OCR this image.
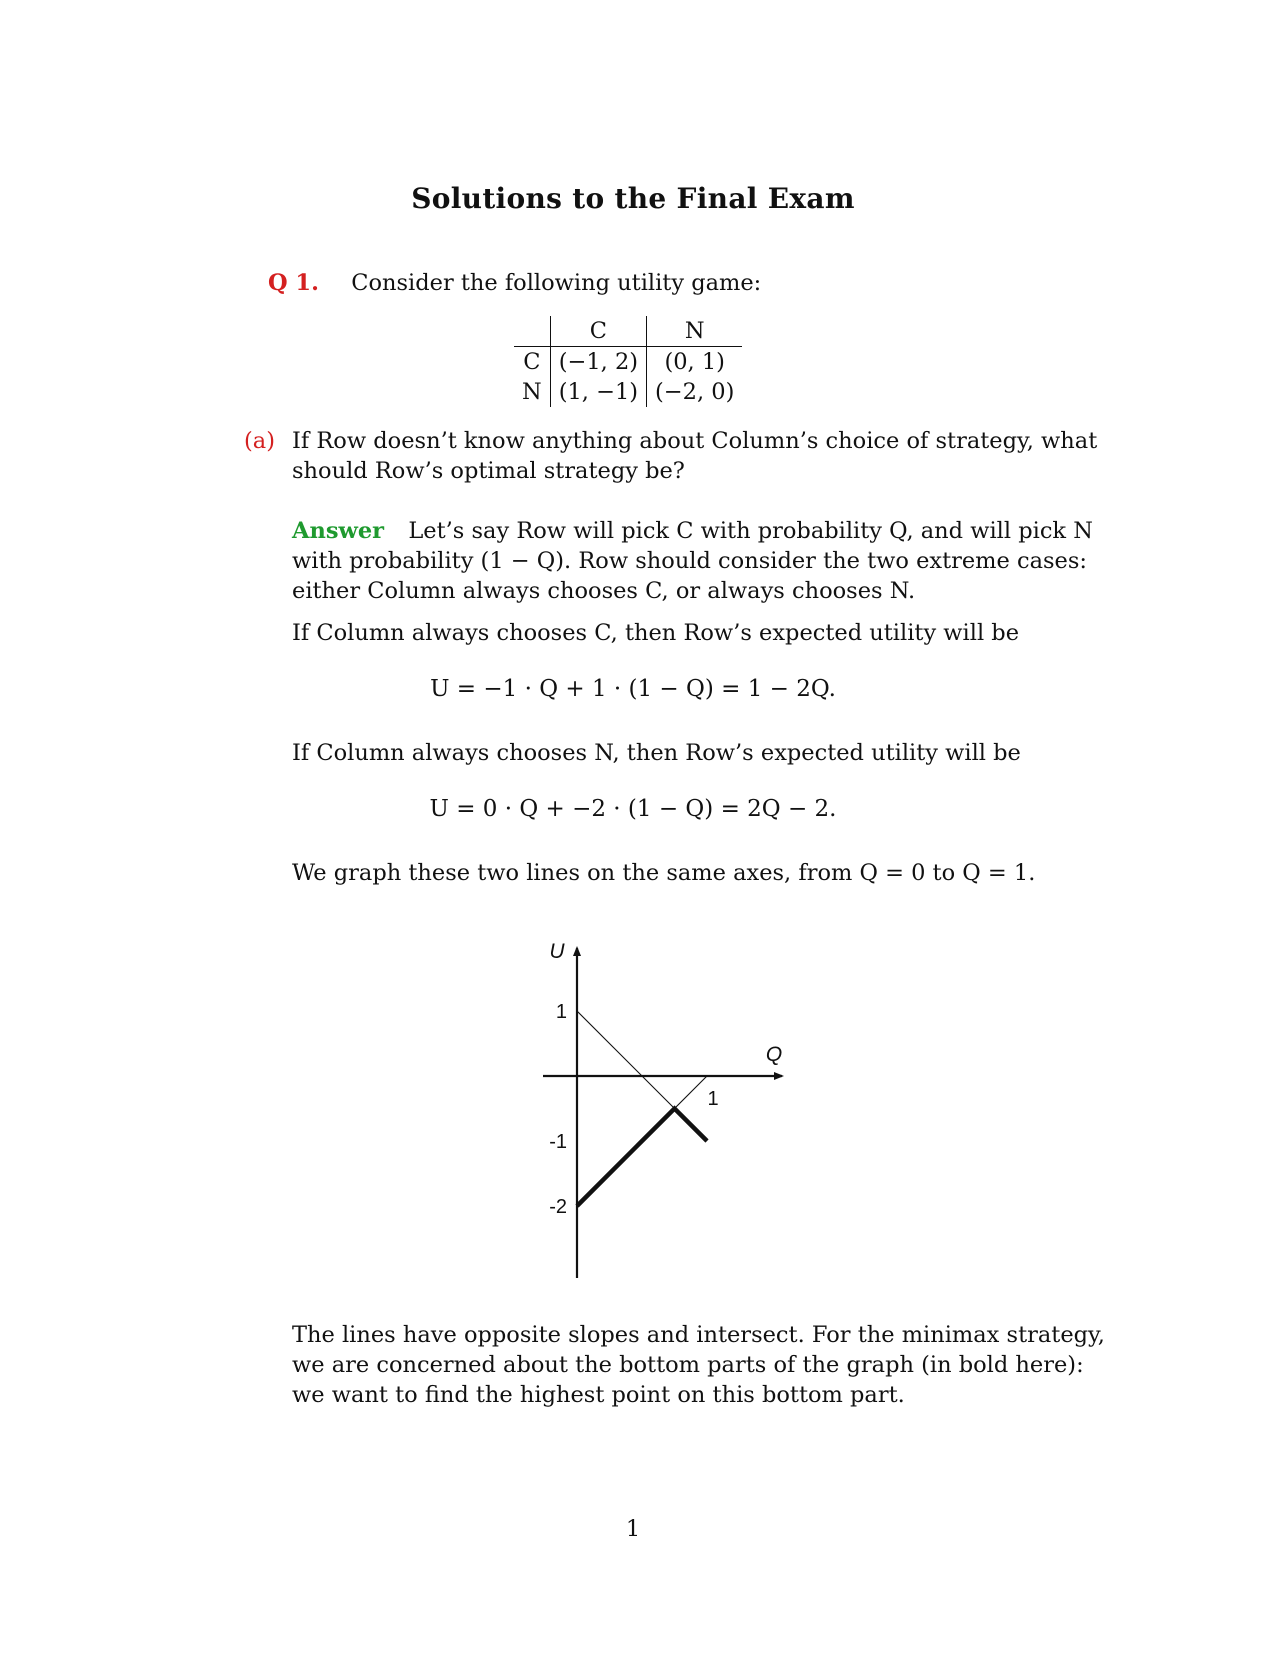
Solutions to the Final Exam
Q 1. Consider the following utility game:
	C	N
C	(−1, 2)	(0, 1)
N	(1, −1)	(−2, 0)
(a) If Row doesn’t know anything about Column’s choice of strategy, what
should Row’s optimal strategy be?
Answer Let’s say Row will pick C with probability Q, and will pick N
with probability (1 − Q). Row should consider the two extreme cases:
either Column always chooses C, or always chooses N.
If Column always chooses C, then Row’s expected utility will be
U = −1 · Q + 1 · (1 − Q) = 1 − 2Q.
If Column always chooses N, then Row’s expected utility will be
U = 0 · Q + −2 · (1 − Q) = 2Q − 2.
We graph these two lines on the same axes, from Q = 0 to Q = 1.
U
Q
1
-1
-2
1
The lines have opposite slopes and intersect. For the minimax strategy,
we are concerned about the bottom parts of the graph (in bold here):
we want to find the highest point on this bottom part.
1
